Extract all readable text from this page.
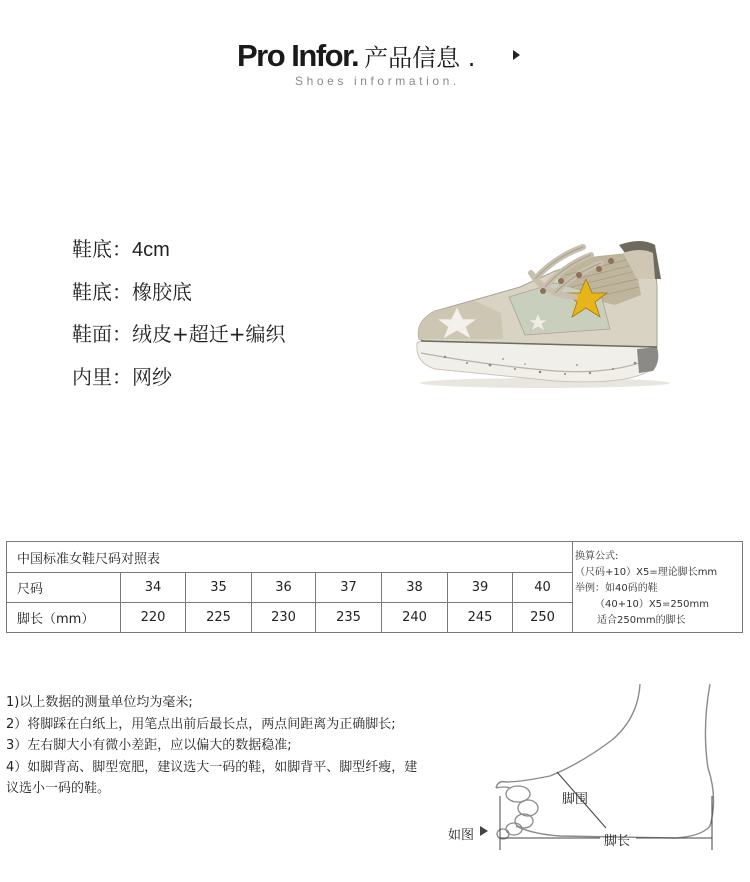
Pro Infor. 产品信息 .
Shoes information.
鞋底：4cm
鞋底：橡胶底
鞋面：绒皮+超迁+编织
内里：网纱
中国标准女鞋尺码对照表
尺码	34	35	36	37	38	39	40
脚长（mm）	220	225	230	235	240	245	250
换算公式:
（尺码+10）X5=理论脚长mm
举例：如40码的鞋
（40+10）X5=250mm
适合250mm的脚长
1)以上数据的测量单位均为毫米;
2）将脚踩在白纸上，用笔点出前后最长点，两点间距离为正确脚长;
3）左右脚大小有微小差距，应以偏大的数据稳准;
4）如脚背高、脚型宽肥，建议选大一码的鞋，如脚背平、脚型纤瘦，建议选小一码的鞋。
如图
脚围
脚长
